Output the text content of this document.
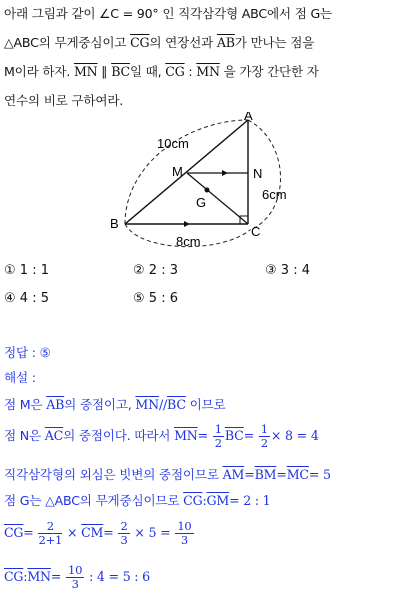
아래 그림과 같이 ∠C = 90° 인 직각삼각형 ABC에서 점 G는
△ABC의 무게중심이고 $\overline{CG}$의 연장선과 $\overline{AB}$가 만나는 점을
M이라 하자. $\overline{MN}$ ∥ $\overline{BC}$일 때, $\overline{CG}$ : $\overline{MN}$ 을 가장 간단한 자
연수의 비로 구하여라.
A
B
C
M	N
G
10cm
6cm
8cm
① 1 : 1	② 2 : 3	③ 3 : 4
④ 4 : 5	⑤ 5 : 6
정답 : ⑤
해설 :
점 M은 $\overline{AB}$의 중점이고, $\overline{MN}//\overline{BC}$ 이므로
점 N은 $\overline{AC}$의 중점이다. 따라서 $\overline{MN}= \frac{1}{2} \overline{BC}= \frac{1}{2} \times 8 = 4$
직각삼각형의 외심은 빗변의 중점이므로 $\overline{AM}=\overline{BM}=\overline{MC}= 5$
점 G는 △ABC의 무게중심이므로 $\overline{CG}:\overline{GM}= 2$ : 1
$\overline{CG}= \frac{2}{2+1} \times \overline{CM}= \frac{2}{3} \times 5 = \frac{10}{3}$
$\overline{CG}:\overline{MN}= \frac{10}{3}$ : 4 = 5 : 6
